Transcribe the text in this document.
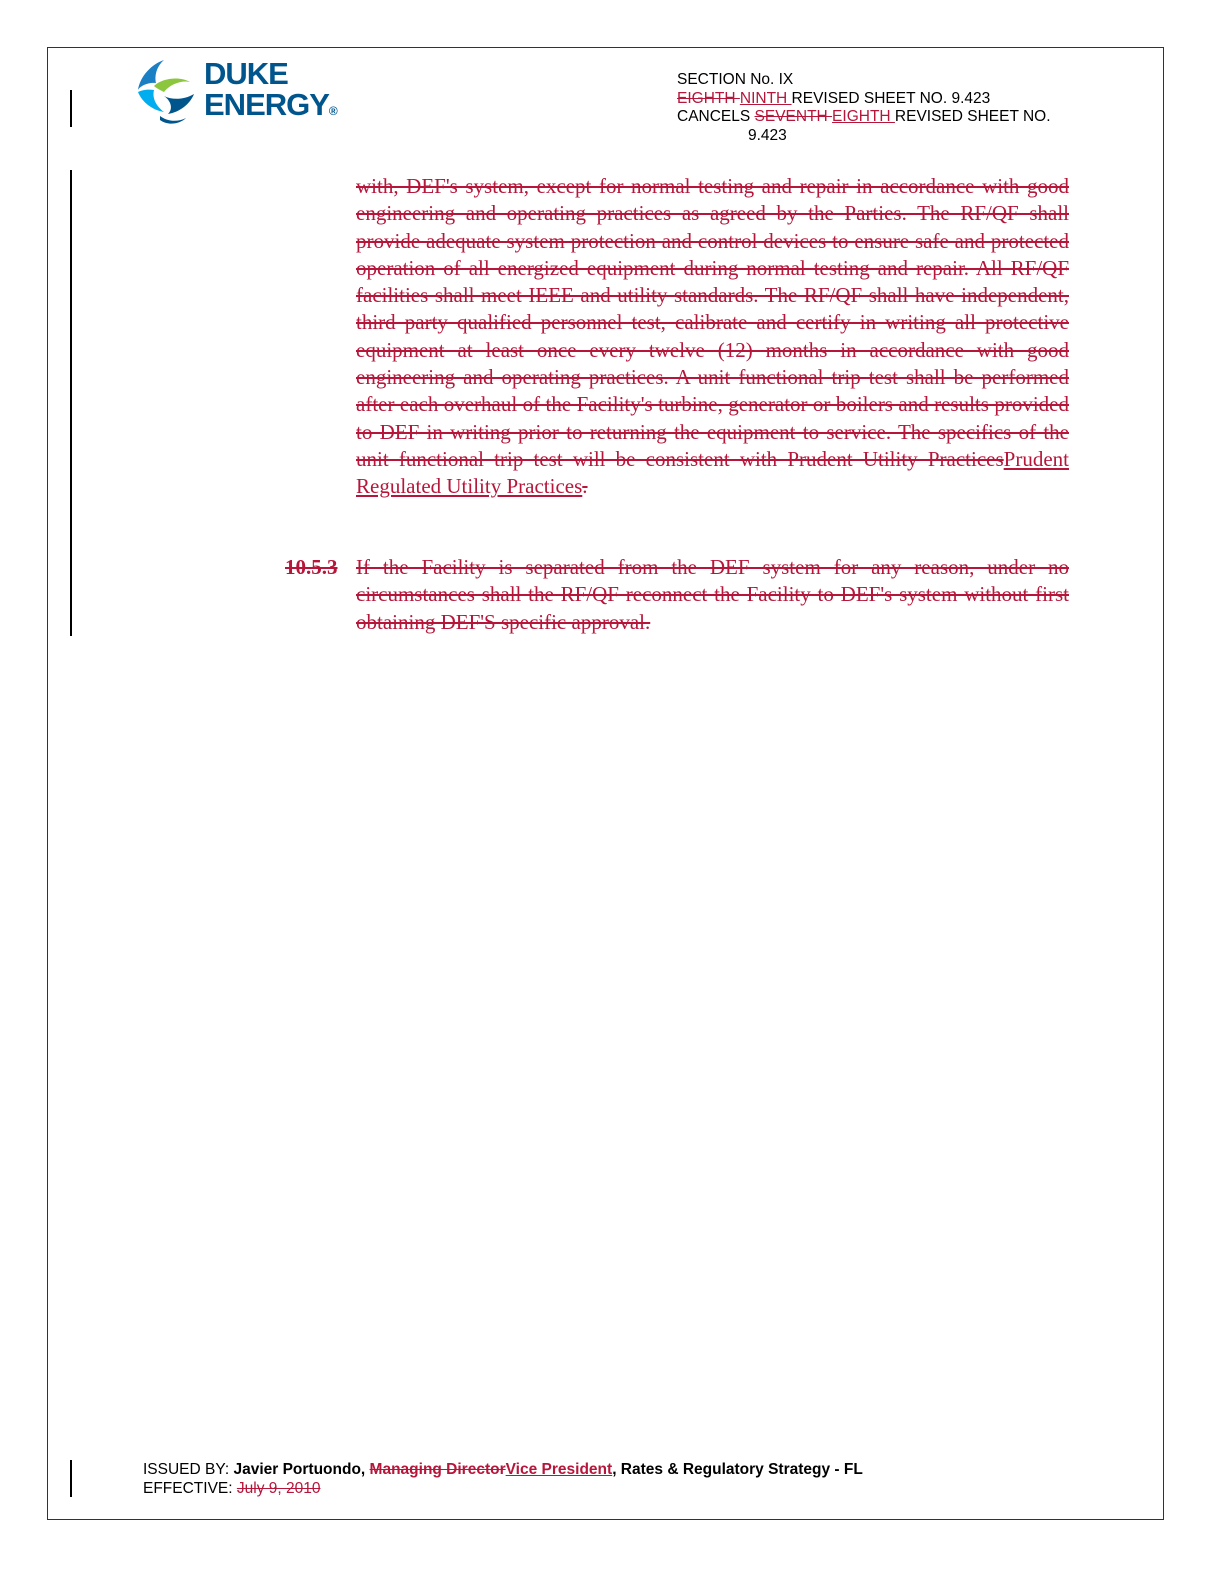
DUKE
ENERGY®
SECTION No. IX
EIGHTH NINTH REVISED SHEET NO. 9.423
CANCELS SEVENTH EIGHTH REVISED SHEET NO.
9.423
with, DEF's system, except for normal testing and repair in accordance with good engineering and operating practices as agreed by the Parties. The RF/QF shall provide adequate system protection and control devices to ensure safe and protected operation of all energized equipment during normal testing and repair. All RF/QF facilities shall meet IEEE and utility standards. The RF/QF shall have independent, third party qualified personnel test, calibrate and certify in writing all protective equipment at least once every twelve (12) months in accordance with good engineering and operating practices. A unit functional trip test shall be performed after each overhaul of the Facility's turbine, generator or boilers and results provided to DEF in writing prior to returning the equipment to service. The specifics of the unit functional trip test will be consistent with Prudent Utility PracticesPrudent Regulated Utility Practices.
10.5.3 If the Facility is separated from the DEF system for any reason, under no circumstances shall the RF/QF reconnect the Facility to DEF's system without first obtaining DEF'S specific approval.
ISSUED BY: Javier Portuondo, Managing DirectorVice President, Rates & Regulatory Strategy - FL
EFFECTIVE: July 9, 2010
